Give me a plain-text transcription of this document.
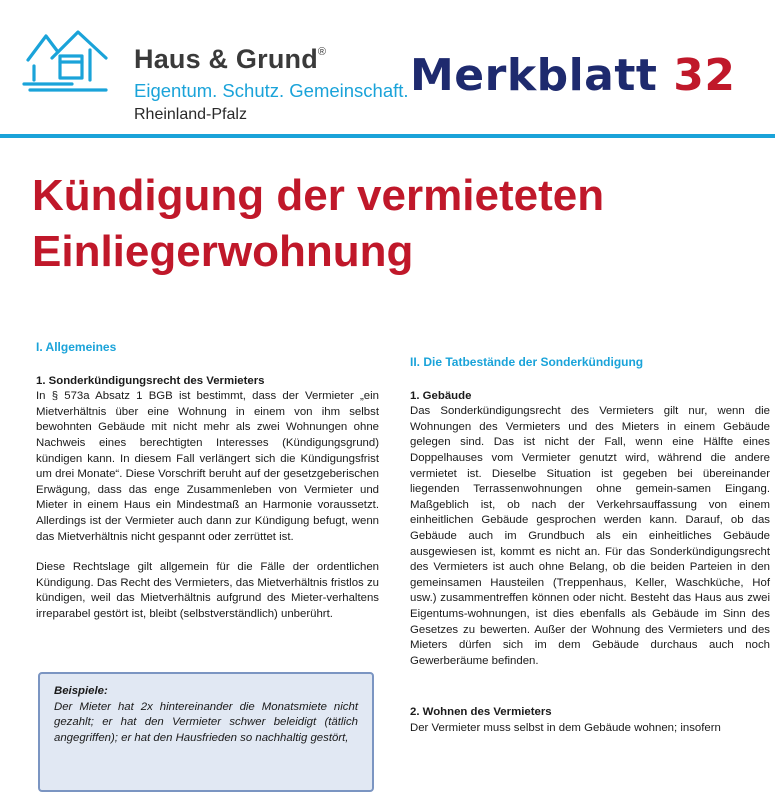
Haus & Grund®
Eigentum. Schutz. Gemeinschaft.
Rheinland-Pfalz
Merkblatt 32
Kündigung der vermieteten
Einliegerwohnung
I. Allgemeines
1. Sonderkündigungsrecht des Vermieters

In § 573a Absatz 1 BGB ist bestimmt, dass der Vermieter „ein Mietverhältnis über eine Wohnung in einem von ihm selbst bewohnten Gebäude mit nicht mehr als zwei Wohnungen ohne Nachweis eines berechtigten Interesses (Kündigungsgrund) kündigen kann. In diesem Fall verlängert sich die Kündigungsfrist um drei Monate“. Diese Vorschrift beruht auf der gesetzgeberischen Erwägung, dass das enge Zusammenleben von Vermieter und Mieter in einem Haus ein Mindestmaß an Harmonie voraussetzt. Allerdings ist der Vermieter auch dann zur Kündigung befugt, wenn das Mietverhältnis nicht gespannt oder zerrüttet ist.

Diese Rechtslage gilt allgemein für die Fälle der ordentlichen Kündigung. Das Recht des Vermieters, das Mietverhältnis fristlos zu kündigen, weil das Mietverhältnis aufgrund des Mieter-verhaltens irreparabel gestört ist, bleibt (selbstverständlich) unberührt.

Beispiele:

Der Mieter hat 2x hintereinander die Monatsmiete nicht gezahlt; er hat den Vermieter schwer beleidigt (tätlich angegriffen); er hat den Hausfrieden so nachhaltig gestört,

II. Die Tatbestände der Sonderkündigung
1. Gebäude

Das Sonderkündigungsrecht des Vermieters gilt nur, wenn die Wohnungen des Vermieters und des Mieters in einem Gebäude gelegen sind. Das ist nicht der Fall, wenn eine Hälfte eines Doppelhauses vom Vermieter genutzt wird, während die andere vermietet ist. Dieselbe Situation ist gegeben bei übereinander liegenden Terrassenwohnungen ohne gemein-samen Eingang. Maßgeblich ist, ob nach der Verkehrsauffassung von einem einheitlichen Gebäude gesprochen werden kann. Darauf, ob das Gebäude auch im Grundbuch als ein einheitliches Gebäude ausgewiesen ist, kommt es nicht an. Für das Sonderkündigungsrecht des Vermieters ist auch ohne Belang, ob die beiden Parteien in den gemeinsamen Hausteilen (Treppenhaus, Keller, Waschküche, Hof usw.) zusammentreffen können oder nicht. Besteht das Haus aus zwei Eigentums-wohnungen, ist dies ebenfalls als Gebäude im Sinn des Gesetzes zu bewerten. Außer der Wohnung des Vermieters und des Mieters dürfen sich im dem Gebäude durchaus auch noch Gewerberäume befinden.

2. Wohnen des Vermieters

Der Vermieter muss selbst in dem Gebäude wohnen; insofern
